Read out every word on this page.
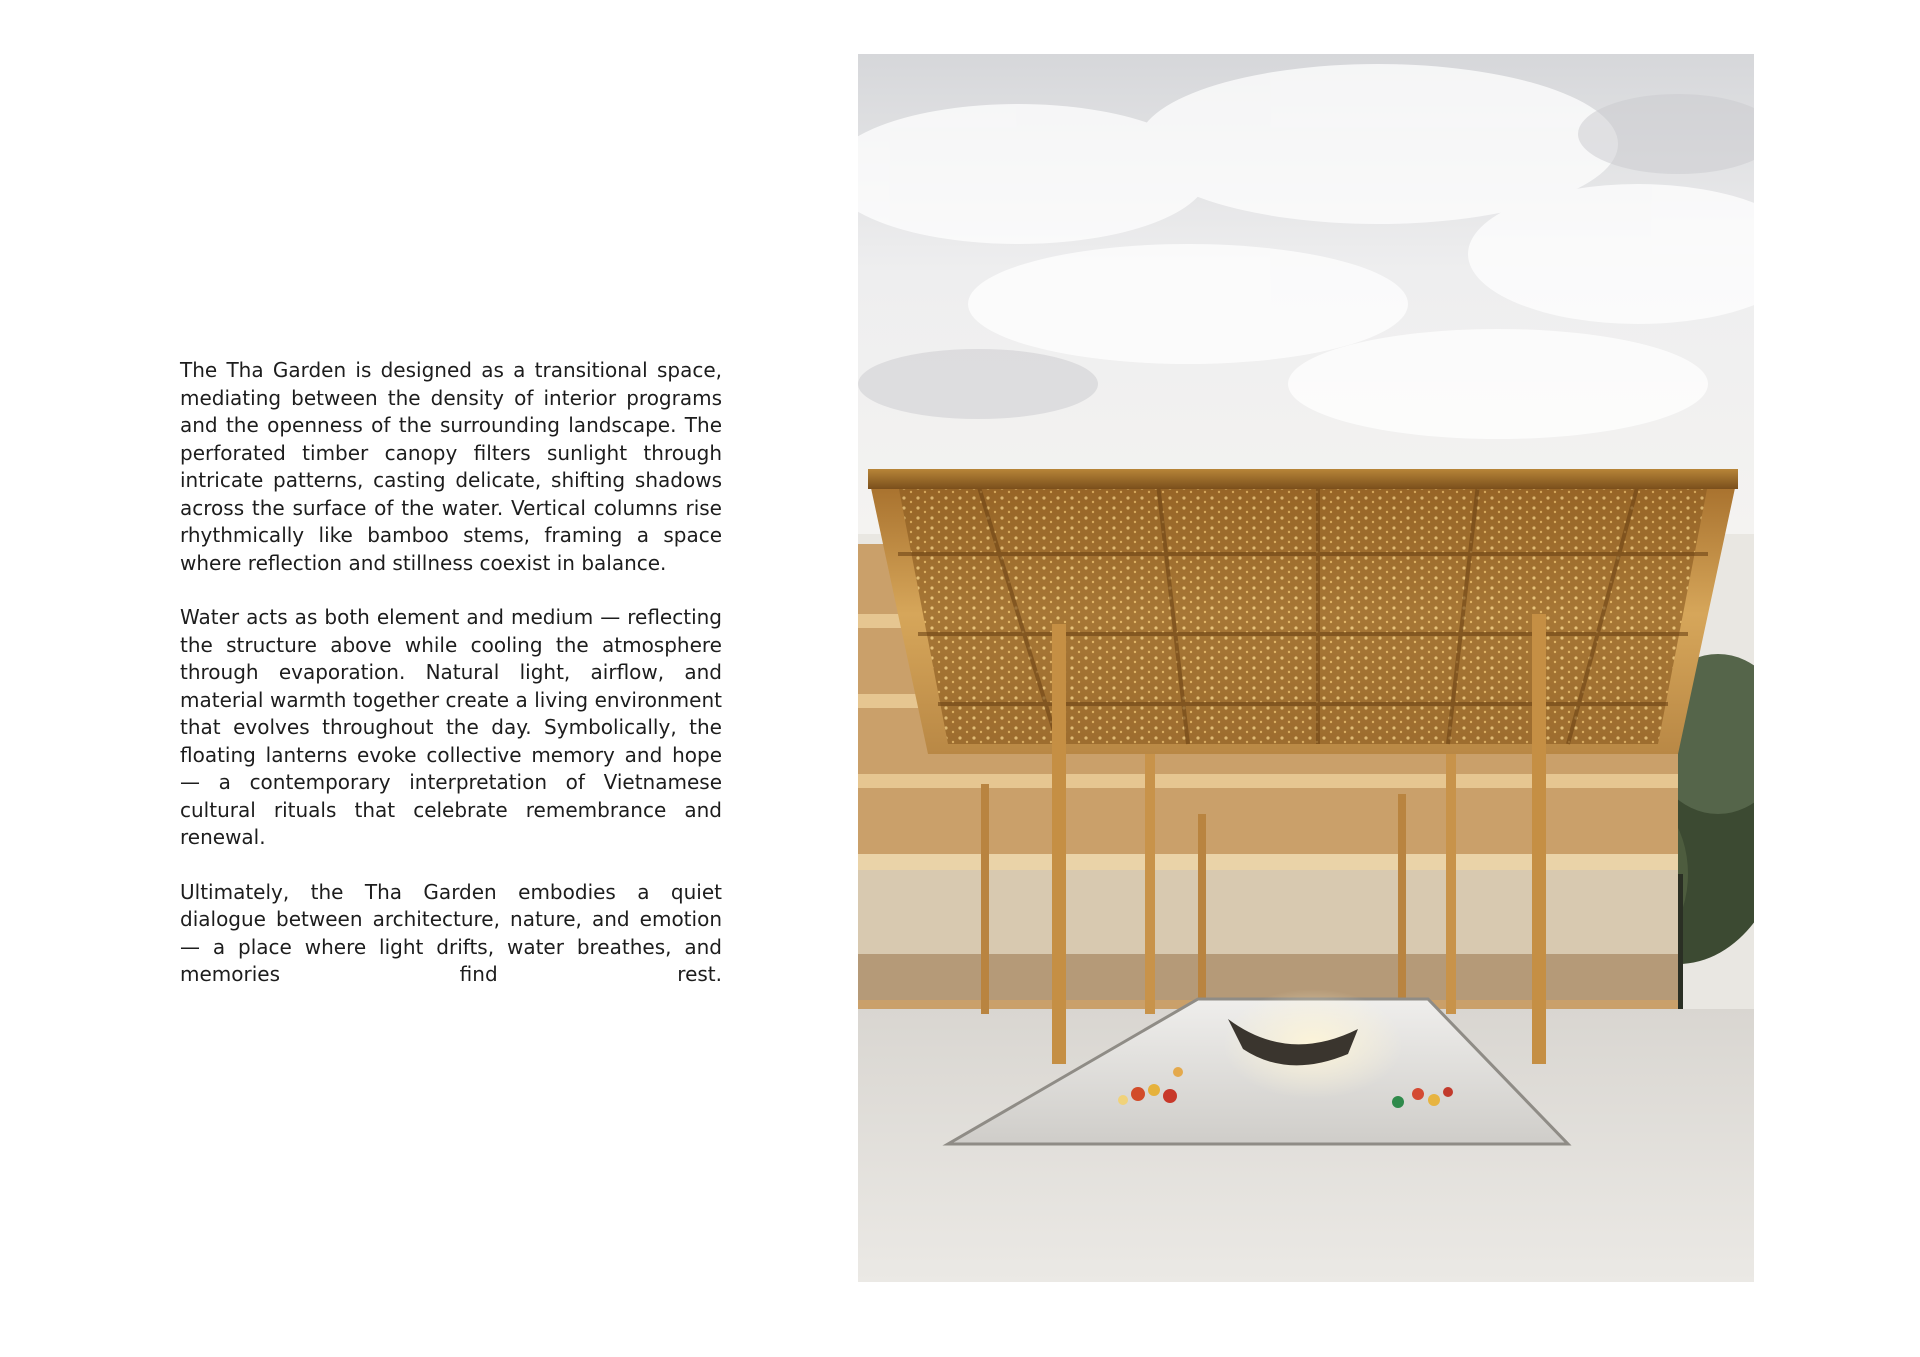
The Tha Garden is designed as a transitional space, mediating between the density of interior programs and the openness of the surrounding landscape. The perforated timber canopy filters sunlight through intricate patterns, casting delicate, shifting shadows across the surface of the water. Vertical columns rise rhythmically like bamboo stems, framing a space where reflection and stillness coexist in balance.

Water acts as both element and medium — reflecting the structure above while cooling the atmosphere through evaporation. Natural light, airflow, and material warmth together create a living environment that evolves throughout the day. Symbolically, the floating lanterns evoke collective memory and hope — a contemporary interpretation of Vietnamese cultural rituals that celebrate remembrance and renewal.

Ultimately, the Tha Garden embodies a quiet dialogue between architecture, nature, and emotion — a place where light drifts, water breathes, and memories find rest.
